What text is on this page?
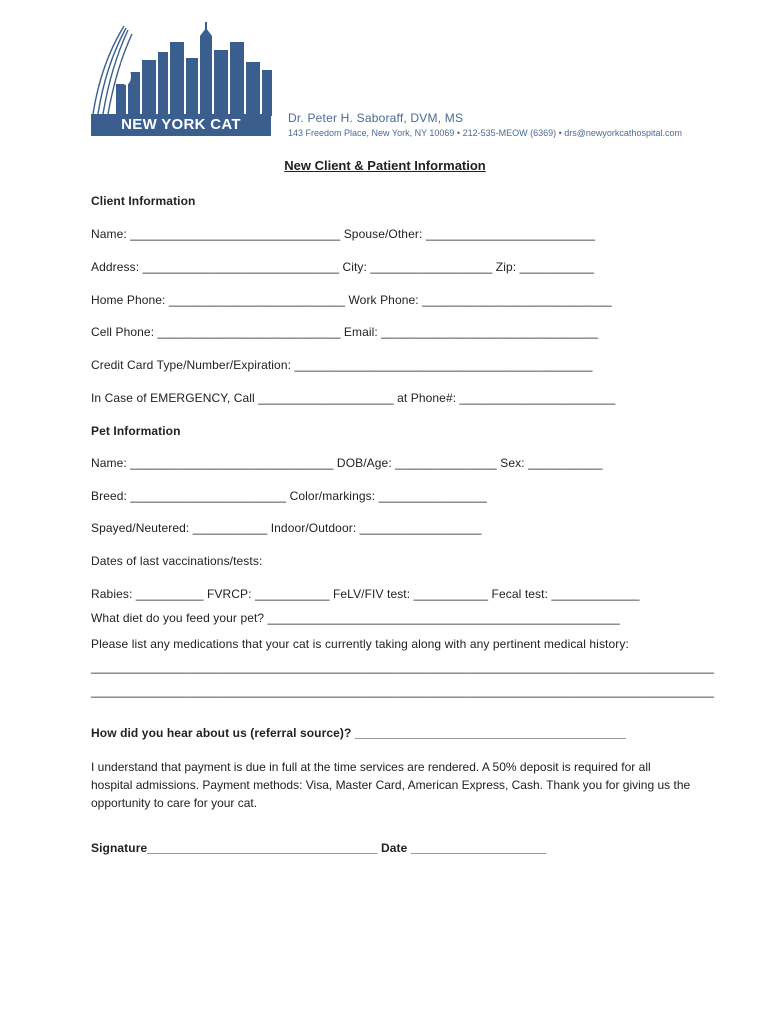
NEW YORK CAT HOSPITAL
Dr. Peter H. Saboraff, DVM, MS
143 Freedom Place, New York, NY 10069 • 212-535-MEOW (6369) • drs@newyorkcathospital.com
New Client & Patient Information
Client Information
Name: _______________________________ Spouse/Other: _________________________
Address: _____________________________ City: __________________ Zip: ___________
Home Phone: __________________________ Work Phone: ____________________________
Cell Phone: ___________________________ Email: ________________________________
Credit Card Type/Number/Expiration: ____________________________________________
In Case of EMERGENCY, Call ____________________ at Phone#: _______________________
Pet Information
Name: ______________________________ DOB/Age: _______________ Sex: ___________
Breed: _______________________ Color/markings: ________________
Spayed/Neutered: ___________ Indoor/Outdoor: __________________
Dates of last vaccinations/tests:
Rabies: __________ FVRCP: ___________ FeLV/FIV test: ___________ Fecal test: _____________
What diet do you feed your pet? ____________________________________________________
Please list any medications that your cat is currently taking along with any pertinent medical history:
____________________________________________________________________________________________
____________________________________________________________________________________________
How did you hear about us (referral source)? ________________________________________
I understand that payment is due in full at the time services are rendered. A 50% deposit is required for all hospital admissions. Payment methods: Visa, Master Card, American Express, Cash. Thank you for giving us the opportunity to care for your cat.
Signature__________________________________ Date ____________________
